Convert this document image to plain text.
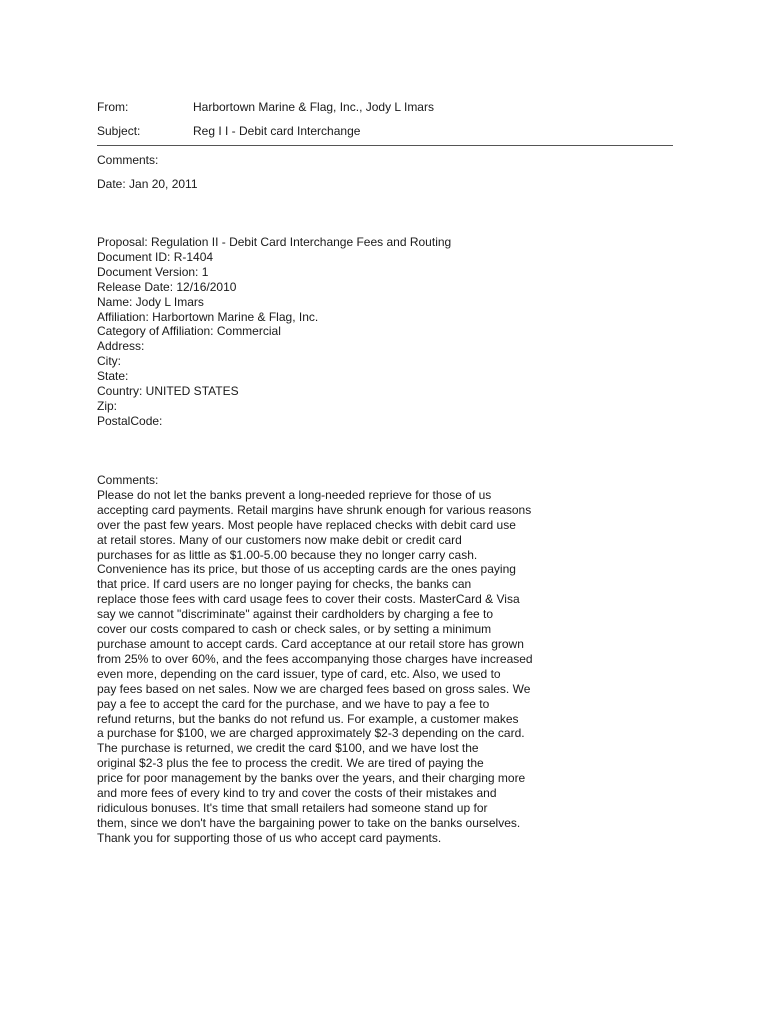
From:	Harbortown Marine & Flag, Inc., Jody L Imars
Subject:	Reg I I - Debit card Interchange
Comments:
Date: Jan 20, 2011
Proposal: Regulation II - Debit Card Interchange Fees and Routing
Document ID: R-1404
Document Version: 1
Release Date: 12/16/2010
Name: Jody L Imars
Affiliation: Harbortown Marine & Flag, Inc.
Category of Affiliation: Commercial
Address:
City:
State:
Country: UNITED STATES
Zip:
PostalCode:
Comments:
Please do not let the banks prevent a long-needed reprieve for those of us
accepting card payments. Retail margins have shrunk enough for various reasons
over the past few years. Most people have replaced checks with debit card use
at retail stores. Many of our customers now make debit or credit card
purchases for as little as $1.00-5.00 because they no longer carry cash.
Convenience has its price, but those of us accepting cards are the ones paying
that price. If card users are no longer paying for checks, the banks can
replace those fees with card usage fees to cover their costs. MasterCard & Visa
say we cannot "discriminate" against their cardholders by charging a fee to
cover our costs compared to cash or check sales, or by setting a minimum
purchase amount to accept cards. Card acceptance at our retail store has grown
from 25% to over 60%, and the fees accompanying those charges have increased
even more, depending on the card issuer, type of card, etc. Also, we used to
pay fees based on net sales. Now we are charged fees based on gross sales. We
pay a fee to accept the card for the purchase, and we have to pay a fee to
refund returns, but the banks do not refund us. For example, a customer makes
a purchase for $100, we are charged approximately $2-3 depending on the card.
The purchase is returned, we credit the card $100, and we have lost the
original $2-3 plus the fee to process the credit. We are tired of paying the
price for poor management by the banks over the years, and their charging more
and more fees of every kind to try and cover the costs of their mistakes and
ridiculous bonuses. It's time that small retailers had someone stand up for
them, since we don't have the bargaining power to take on the banks ourselves.
Thank you for supporting those of us who accept card payments.
